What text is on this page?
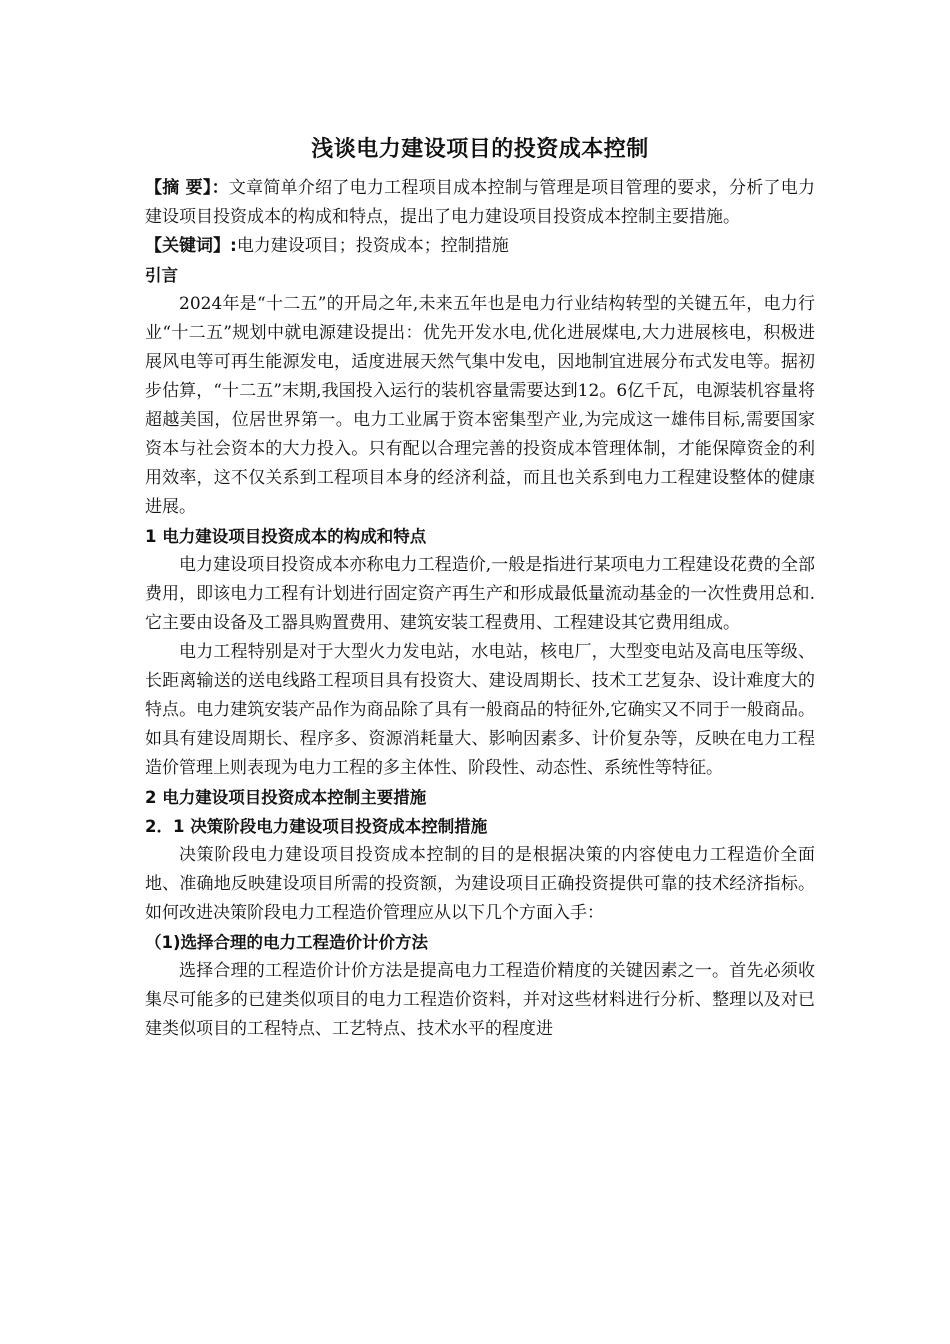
浅谈电力建设项目的投资成本控制

【摘 要】：文章简单介绍了电力工程项目成本控制与管理是项目管理的要求，分析了电力建设项目投资成本的构成和特点，提出了电力建设项目投资成本控制主要措施。

【关键词】:电力建设项目；投资成本；控制措施

引言

2024年是“十二五”的开局之年,未来五年也是电力行业结构转型的关键五年，电力行业“十二五”规划中就电源建设提出：优先开发水电,优化进展煤电,大力进展核电，积极进展风电等可再生能源发电，适度进展天然气集中发电，因地制宜进展分布式发电等。据初步估算，“十二五”末期,我国投入运行的装机容量需要达到12。6亿千瓦，电源装机容量将超越美国，位居世界第一。电力工业属于资本密集型产业,为完成这一雄伟目标,需要国家资本与社会资本的大力投入。只有配以合理完善的投资成本管理体制，才能保障资金的利用效率，这不仅关系到工程项目本身的经济利益，而且也关系到电力工程建设整体的健康进展。

1 电力建设项目投资成本的构成和特点

电力建设项目投资成本亦称电力工程造价,一般是指进行某项电力工程建设花费的全部费用，即该电力工程有计划进行固定资产再生产和形成最低量流动基金的一次性费用总和.它主要由设备及工器具购置费用、建筑安装工程费用、工程建设其它费用组成。

电力工程特别是对于大型火力发电站，水电站，核电厂，大型变电站及高电压等级、长距离输送的送电线路工程项目具有投资大、建设周期长、技术工艺复杂、设计难度大的特点。电力建筑安装产品作为商品除了具有一般商品的特征外,它确实又不同于一般商品。如具有建设周期长、程序多、资源消耗量大、影响因素多、计价复杂等，反映在电力工程造价管理上则表现为电力工程的多主体性、阶段性、动态性、系统性等特征。

2 电力建设项目投资成本控制主要措施
2．1 决策阶段电力建设项目投资成本控制措施

决策阶段电力建设项目投资成本控制的目的是根据决策的内容使电力工程造价全面地、准确地反映建设项目所需的投资额，为建设项目正确投资提供可靠的技术经济指标。如何改进决策阶段电力工程造价管理应从以下几个方面入手：

（1)选择合理的电力工程造价计价方法

选择合理的工程造价计价方法是提高电力工程造价精度的关键因素之一。首先必须收集尽可能多的已建类似项目的电力工程造价资料，并对这些材料进行分析、整理以及对已建类似项目的工程特点、工艺特点、技术水平的程度进
